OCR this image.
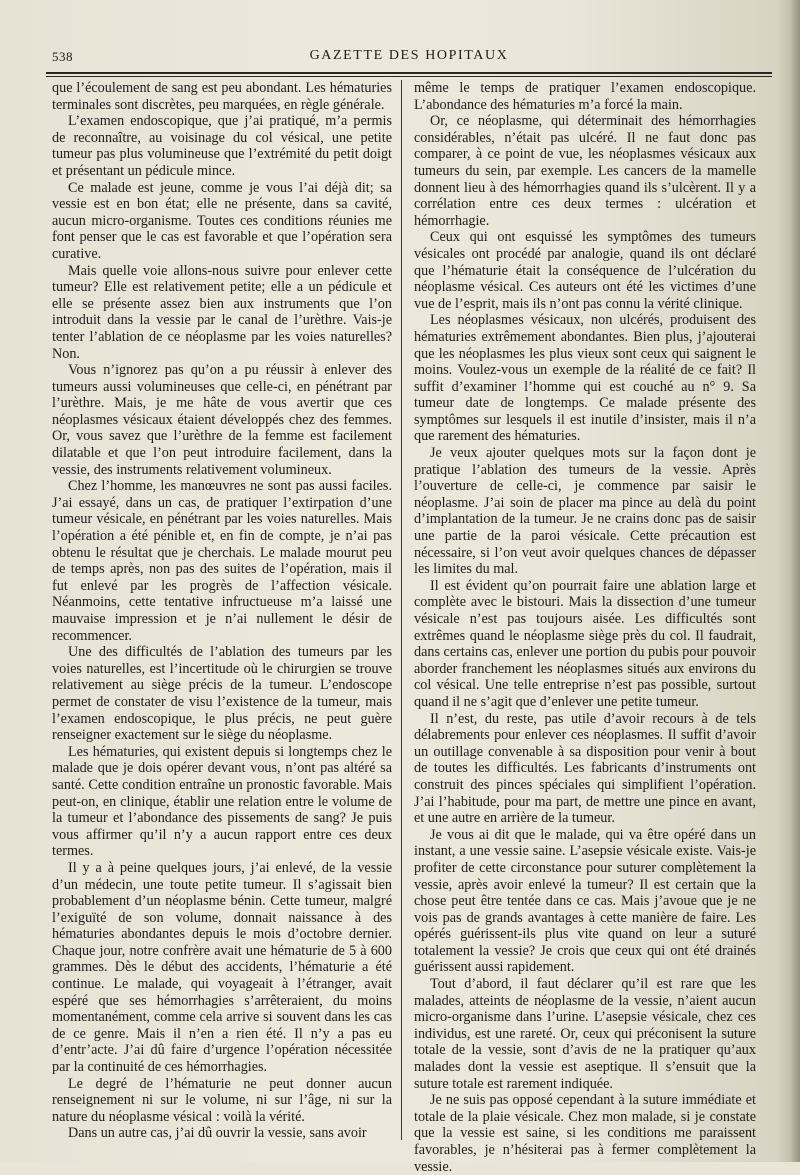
538	GAZETTE DES HOPITAUX

que l’écoulement de sang est peu abondant. Les hématuries terminales sont discrètes, peu marquées, en règle générale.

L’examen endoscopique, que j’ai pratiqué, m’a permis de reconnaître, au voisinage du col vésical, une petite tumeur pas plus volumineuse que l’extrémité du petit doigt et présentant un pédicule mince.

Ce malade est jeune, comme je vous l’ai déjà dit; sa vessie est en bon état; elle ne présente, dans sa cavité, aucun micro-organisme. Toutes ces conditions réunies me font penser que le cas est favorable et que l’opération sera curative.

Mais quelle voie allons-nous suivre pour enlever cette tumeur? Elle est relativement petite; elle a un pédicule et elle se présente assez bien aux instruments que l’on introduit dans la vessie par le canal de l’urèthre. Vais-je tenter l’ablation de ce néoplasme par les voies naturelles? Non.

Vous n’ignorez pas qu’on a pu réussir à enlever des tumeurs aussi volumineuses que celle-ci, en pénétrant par l’urèthre. Mais, je me hâte de vous avertir que ces néoplasmes vésicaux étaient développés chez des femmes. Or, vous savez que l’urèthre de la femme est facilement dilatable et que l’on peut introduire facilement, dans la vessie, des instruments relativement volumineux.

Chez l’homme, les manœuvres ne sont pas aussi faciles. J’ai essayé, dans un cas, de pratiquer l’extirpation d’une tumeur vésicale, en pénétrant par les voies naturelles. Mais l’opération a été pénible et, en fin de compte, je n’ai pas obtenu le résultat que je cherchais. Le malade mourut peu de temps après, non pas des suites de l’opération, mais il fut enlevé par les progrès de l’affection vésicale. Néanmoins, cette tentative infructueuse m’a laissé une mauvaise impression et je n’ai nullement le désir de recommencer.

Une des difficultés de l’ablation des tumeurs par les voies naturelles, est l’incertitude où le chirurgien se trouve relativement au siège précis de la tumeur. L’endoscope permet de constater de visu l’existence de la tumeur, mais l’examen endoscopique, le plus précis, ne peut guère renseigner exactement sur le siège du néoplasme.

Les hématuries, qui existent depuis si longtemps chez le malade que je dois opérer devant vous, n’ont pas altéré sa santé. Cette condition entraîne un pronostic favorable. Mais peut-on, en clinique, établir une relation entre le volume de la tumeur et l’abondance des pissements de sang? Je puis vous affirmer qu’il n’y a aucun rapport entre ces deux termes.

Il y a à peine quelques jours, j’ai enlevé, de la vessie d’un médecin, une toute petite tumeur. Il s’agissait bien probablement d’un néoplasme bénin. Cette tumeur, malgré l’exiguïté de son volume, donnait naissance à des hématuries abondantes depuis le mois d’octobre dernier. Chaque jour, notre confrère avait une hématurie de 5 à 600 grammes. Dès le début des accidents, l’hématurie a été continue. Le malade, qui voyageait à l’étranger, avait espéré que ses hémorrhagies s’arrêteraient, du moins momentanément, comme cela arrive si souvent dans les cas de ce genre. Mais il n’en a rien été. Il n’y a pas eu d’entr’acte. J’ai dû faire d’urgence l’opération nécessitée par la continuité de ces hémorrhagies.

Le degré de l’hématurie ne peut donner aucun renseignement ni sur le volume, ni sur l’âge, ni sur la nature du néoplasme vésical : voilà la vérité.

Dans un autre cas, j’ai dû ouvrir la vessie, sans avoir

même le temps de pratiquer l’examen endoscopique. L’abondance des hématuries m’a forcé la main.

Or, ce néoplasme, qui déterminait des hémorrhagies considérables, n’était pas ulcéré. Il ne faut donc pas comparer, à ce point de vue, les néoplasmes vésicaux aux tumeurs du sein, par exemple. Les cancers de la mamelle donnent lieu à des hémorrhagies quand ils s’ulcèrent. Il y a corrélation entre ces deux termes : ulcération et hémorrhagie.

Ceux qui ont esquissé les symptômes des tumeurs vésicales ont procédé par analogie, quand ils ont déclaré que l’hématurie était la conséquence de l’ulcération du néoplasme vésical. Ces auteurs ont été les victimes d’une vue de l’esprit, mais ils n’ont pas connu la vérité clinique.

Les néoplasmes vésicaux, non ulcérés, produisent des hématuries extrêmement abondantes. Bien plus, j’ajouterai que les néoplasmes les plus vieux sont ceux qui saignent le moins. Voulez-vous un exemple de la réalité de ce fait? Il suffit d’examiner l’homme qui est couché au n° 9. Sa tumeur date de longtemps. Ce malade présente des symptômes sur lesquels il est inutile d’insister, mais il n’a que rarement des hématuries.

Je veux ajouter quelques mots sur la façon dont je pratique l’ablation des tumeurs de la vessie. Après l’ouverture de celle-ci, je commence par saisir le néoplasme. J’ai soin de placer ma pince au delà du point d’implantation de la tumeur. Je ne crains donc pas de saisir une partie de la paroi vésicale. Cette précaution est nécessaire, si l’on veut avoir quelques chances de dépasser les limites du mal.

Il est évident qu’on pourrait faire une ablation large et complète avec le bistouri. Mais la dissection d’une tumeur vésicale n’est pas toujours aisée. Les difficultés sont extrêmes quand le néoplasme siège près du col. Il faudrait, dans certains cas, enlever une portion du pubis pour pouvoir aborder franchement les néoplasmes situés aux environs du col vésical. Une telle entreprise n’est pas possible, surtout quand il ne s’agit que d’enlever une petite tumeur.

Il n’est, du reste, pas utile d’avoir recours à de tels délabrements pour enlever ces néoplasmes. Il suffit d’avoir un outillage convenable à sa disposition pour venir à bout de toutes les difficultés. Les fabricants d’instruments ont construit des pinces spéciales qui simplifient l’opération. J’ai l’habitude, pour ma part, de mettre une pince en avant, et une autre en arrière de la tumeur.

Je vous ai dit que le malade, qui va être opéré dans un instant, a une vessie saine. L’asepsie vésicale existe. Vais-je profiter de cette circonstance pour suturer complètement la vessie, après avoir enlevé la tumeur? Il est certain que la chose peut être tentée dans ce cas. Mais j’avoue que je ne vois pas de grands avantages à cette manière de faire. Les opérés guérissent-ils plus vite quand on leur a suturé totalement la vessie? Je crois que ceux qui ont été drainés guérissent aussi rapidement.

Tout d’abord, il faut déclarer qu’il est rare que les malades, atteints de néoplasme de la vessie, n’aient aucun micro-organisme dans l’urine. L’asepsie vésicale, chez ces individus, est une rareté. Or, ceux qui préconisent la suture totale de la vessie, sont d’avis de ne la pratiquer qu’aux malades dont la vessie est aseptique. Il s’ensuit que la suture totale est rarement indiquée.

Je ne suis pas opposé cependant à la suture immédiate et totale de la plaie vésicale. Chez mon malade, si je constate que la vessie est saine, si les conditions me paraissent favorables, je n’hésiterai pas à fermer complètement la vessie.
